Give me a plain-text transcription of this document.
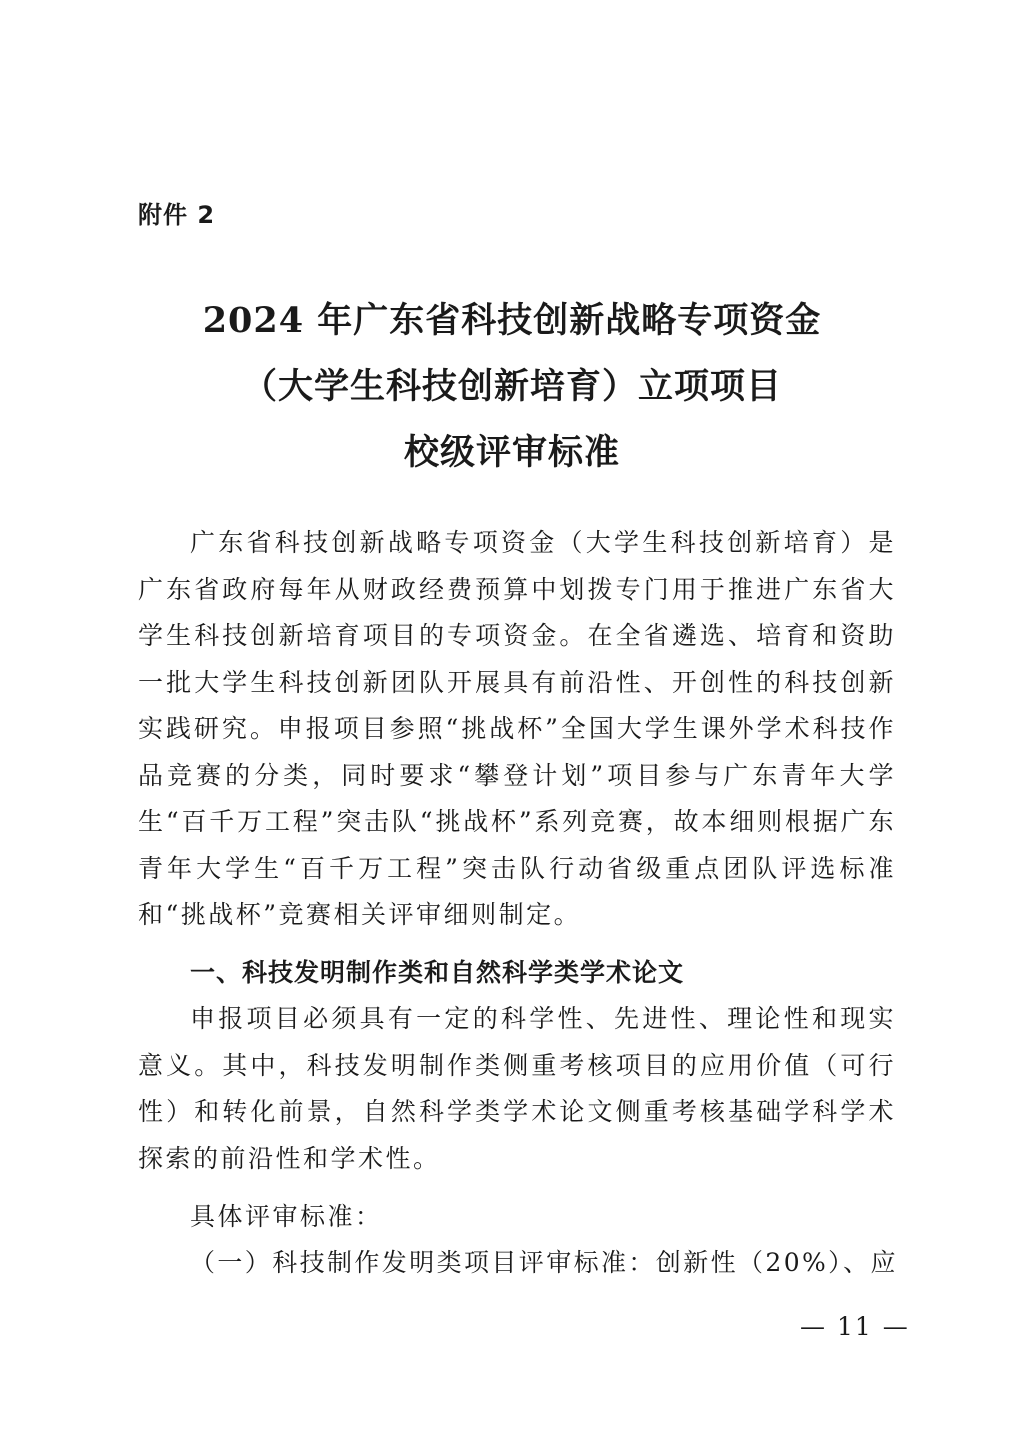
附件 2
2024 年广东省科技创新战略专项资金
（大学生科技创新培育）立项项目
校级评审标准

广东省科技创新战略专项资金（大学生科技创新培育）是广东省政府每年从财政经费预算中划拨专门用于推进广东省大学生科技创新培育项目的专项资金。在全省遴选、培育和资助一批大学生科技创新团队开展具有前沿性、开创性的科技创新实践研究。申报项目参照“挑战杯”全国大学生课外学术科技作品竞赛的分类，同时要求“攀登计划”项目参与广东青年大学生“百千万工程”突击队“挑战杯”系列竞赛，故本细则根据广东青年大学生“百千万工程”突击队行动省级重点团队评选标准和“挑战杯”竞赛相关评审细则制定。

一、科技发明制作类和自然科学类学术论文

申报项目必须具有一定的科学性、先进性、理论性和现实意义。其中，科技发明制作类侧重考核项目的应用价值（可行性）和转化前景，自然科学类学术论文侧重考核基础学科学术探索的前沿性和学术性。

具体评审标准：

（一）科技制作发明类项目评审标准：创新性（20%）、应

— 11 —
